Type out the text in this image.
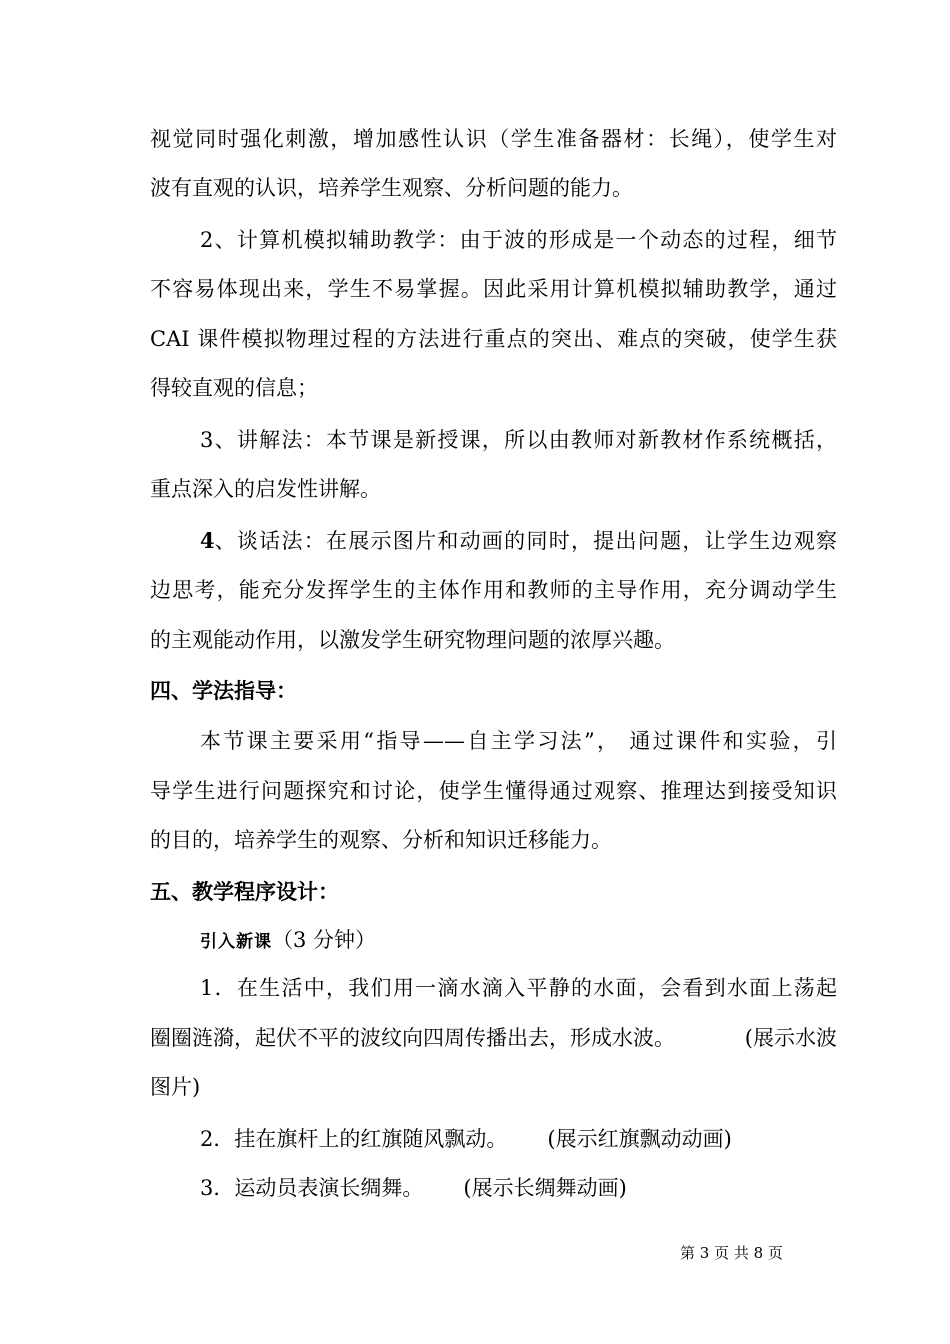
视觉同时强化刺激，增加感性认识（学生准备器材：长绳），使学生对
波有直观的认识，培养学生观察、分析问题的能力。
2、计算机模拟辅助教学：由于波的形成是一个动态的过程，细节
不容易体现出来，学生不易掌握。因此采用计算机模拟辅助教学，通过
CAI 课件模拟物理过程的方法进行重点的突出、难点的突破，使学生获
得较直观的信息；
3、讲解法：本节课是新授课，所以由教师对新教材作系统概括，
重点深入的启发性讲解。
4 、谈话法：在展示图片和动画的同时，提出问题，让学生边观察
边思考，能充分发挥学生的主体作用和教师的主导作用，充分调动学生
的主观能动作用，以激发学生研究物理问题的浓厚兴趣。
四、学法指导：
本节课主要采用“指导——自主学习法”， 通过课件和实验，引
导学生进行问题探究和讨论，使学生懂得通过观察、推理达到接受知识
的目的，培养学生的观察、分析和知识迁移能力。
五、教学程序设计：
引入新课（3 分钟）
1．在生活中，我们用一滴水滴入平静的水面，会看到水面上荡起
圈圈涟漪，起伏不平的波纹向四周传播出去，形成水波。	(展示水波
图片)
2．挂在旗杆上的红旗随风飘动。 (展示红旗飘动动画)
3．运动员表演长绸舞。 (展示长绸舞动画)
第 3 页 共 8 页
